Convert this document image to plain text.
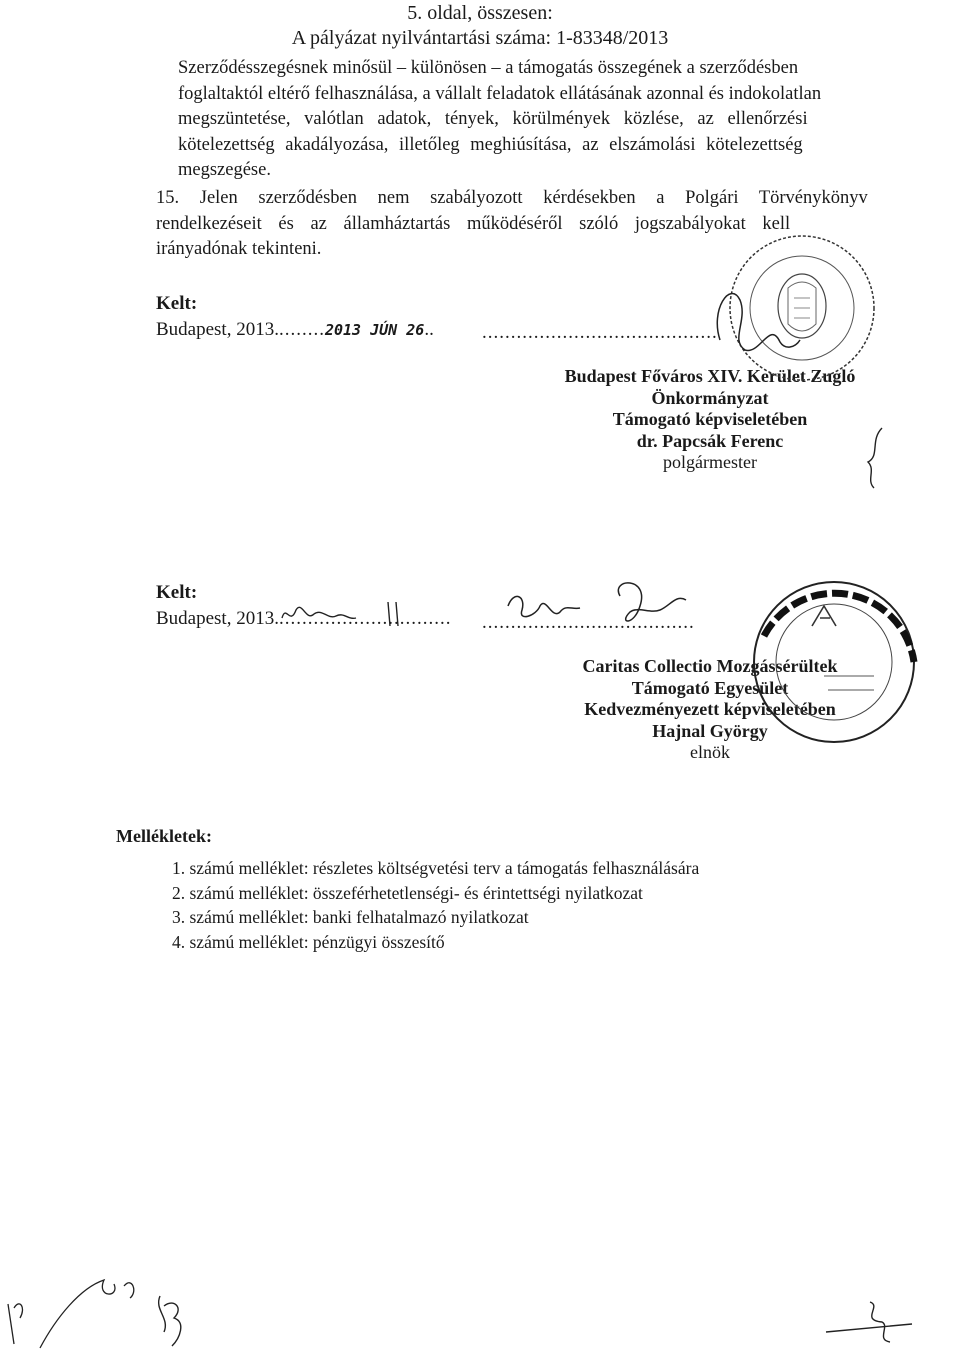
5. oldal, összesen:
A pályázat nyilvántartási száma: 1-83348/2013
Szerződésszegésnek minősül – különösen – a támogatás összegének a szerződésben
foglaltaktól eltérő felhasználása, a vállalt feladatok ellátásának azonnal és indokolatlan
megszüntetése, valótlan adatok, tények, körülmények közlése, az ellenőrzési
kötelezettség akadályozása, illetőleg meghiúsítása, az elszámolási kötelezettség
megszegése.
15. Jelen szerződésben nem szabályozott kérdésekben a Polgári Törvénykönyv
rendelkezéseit és az államháztartás működéséről szóló jogszabályokat kell
irányadónak tekinteni.
Kelt:
Budapest, 2013.........2013 JÚN 26..	.........................................
Budapest Főváros XIV. Kerület Zugló
Önkormányzat
Támogató képviseletében
dr. Papcsák Ferenc
polgármester
Kelt:
Budapest, 2013............................... .....................................
Caritas Collectio Mozgássérültek
Támogató Egyesület
Kedvezményezett képviseletében
Hajnal György
elnök
Mellékletek:
1. számú melléklet: részletes költségvetési terv a támogatás felhasználására
2. számú melléklet: összeférhetetlenségi- és érintettségi nyilatkozat
3. számú melléklet: banki felhatalmazó nyilatkozat
4. számú melléklet: pénzügyi összesítő
